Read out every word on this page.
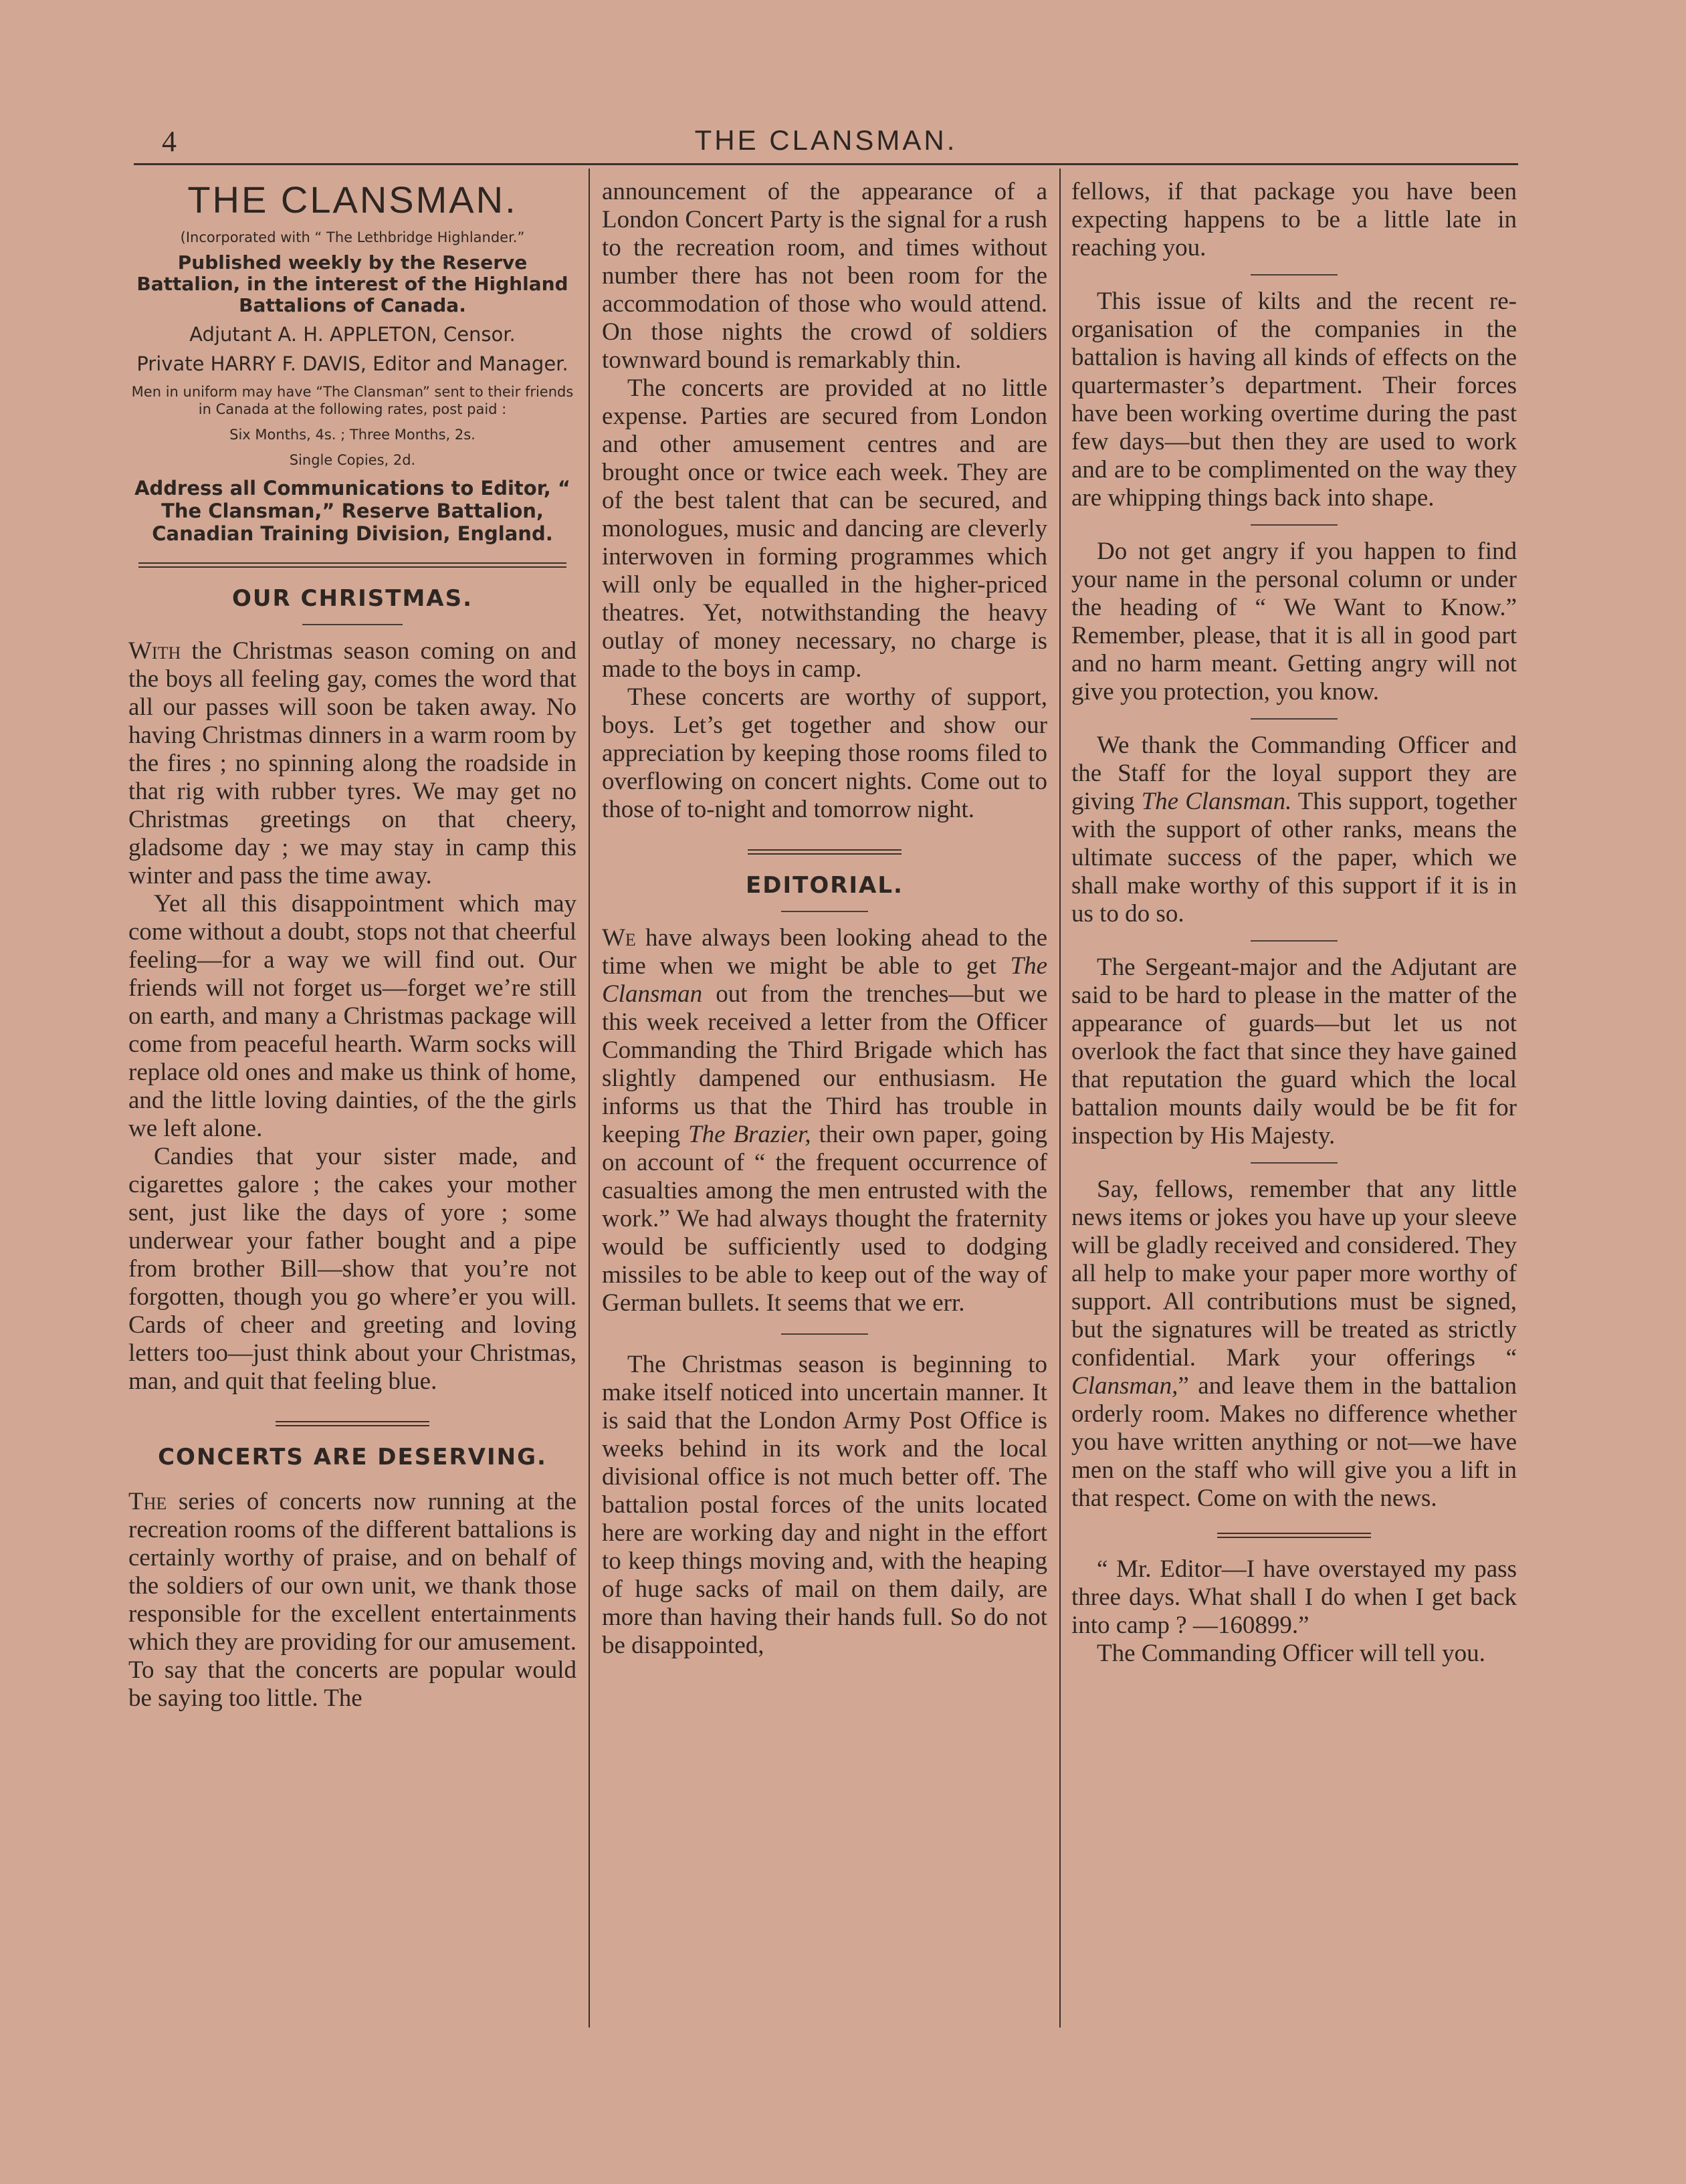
4	THE CLANSMAN.
THE CLANSMAN.
(Incorporated with “ The Lethbridge Highlander.”
Published weekly by the Reserve Battalion, in the interest of the Highland Battalions of Canada.
Adjutant A. H. APPLETON, Censor.
Private HARRY F. DAVIS, Editor and Manager.
Men in uniform may have “The Clansman” sent to their friends in Canada at the following rates, post paid :
Six Months, 4s. ; Three Months, 2s.
Single Copies, 2d.
Address all Communications to Editor, “ The Clansman,” Reserve Battalion, Canadian Training Division, England.
OUR CHRISTMAS.

With the Christmas season coming on and the boys all feeling gay, comes the word that all our passes will soon be taken away. No having Christmas dinners in a warm room by the fires ; no spinning along the roadside in that rig with rubber tyres. We may get no Christmas greetings on that cheery, gladsome day ; we may stay in camp this winter and pass the time away.

Yet all this disappointment which may come without a doubt, stops not that cheerful feeling—for a way we will find out. Our friends will not forget us—forget we’re still on earth, and many a Christmas package will come from peaceful hearth. Warm socks will replace old ones and make us think of home, and the little loving dainties, of the the girls we left alone.

Candies that your sister made, and cigarettes galore ; the cakes your mother sent, just like the days of yore ; some underwear your father bought and a pipe from brother Bill—show that you’re not forgotten, though you go where’er you will. Cards of cheer and greeting and loving letters too—just think about your Christmas, man, and quit that feeling blue.

CONCERTS ARE DESERVING.

The series of concerts now running at the recreation rooms of the different battalions is certainly worthy of praise, and on behalf of the soldiers of our own unit, we thank those responsible for the excellent entertainments which they are providing for our amusement. To say that the concerts are popular would be saying too little. The

announcement of the appearance of a London Concert Party is the signal for a rush to the recreation room, and times without number there has not been room for the accommodation of those who would attend. On those nights the crowd of soldiers townward bound is remarkably thin.

The concerts are provided at no little expense. Parties are secured from London and other amusement centres and are brought once or twice each week. They are of the best talent that can be secured, and monologues, music and dancing are cleverly interwoven in forming programmes which will only be equalled in the higher-priced theatres. Yet, notwithstanding the heavy outlay of money necessary, no charge is made to the boys in camp.

These concerts are worthy of support, boys. Let’s get together and show our appreciation by keeping those rooms filed to overflowing on concert nights. Come out to those of to-night and tomorrow night.

EDITORIAL.

We have always been looking ahead to the time when we might be able to get The Clansman out from the trenches—but we this week received a letter from the Officer Commanding the Third Brigade which has slightly dampened our enthusiasm. He informs us that the Third has trouble in keeping The Brazier, their own paper, going on account of “ the frequent occurrence of casualties among the men entrusted with the work.” We had always thought the fraternity would be sufficiently used to dodging missiles to be able to keep out of the way of German bullets. It seems that we err.

The Christmas season is beginning to make itself noticed into uncertain manner. It is said that the London Army Post Office is weeks behind in its work and the local divisional office is not much better off. The battalion postal forces of the units located here are working day and night in the effort to keep things moving and, with the heaping of huge sacks of mail on them daily, are more than having their hands full. So do not be disappointed,

fellows, if that package you have been expecting happens to be a little late in reaching you.

This issue of kilts and the recent re-organisation of the companies in the battalion is having all kinds of effects on the quartermaster’s department. Their forces have been working overtime during the past few days—but then they are used to work and are to be complimented on the way they are whipping things back into shape.

Do not get angry if you happen to find your name in the personal column or under the heading of “ We Want to Know.” Remember, please, that it is all in good part and no harm meant. Getting angry will not give you protection, you know.

We thank the Commanding Officer and the Staff for the loyal support they are giving The Clansman. This support, together with the support of other ranks, means the ultimate success of the paper, which we shall make worthy of this support if it is in us to do so.

The Sergeant-major and the Adjutant are said to be hard to please in the matter of the appearance of guards—but let us not overlook the fact that since they have gained that reputation the guard which the local battalion mounts daily would be be fit for inspection by His Majesty.

Say, fellows, remember that any little news items or jokes you have up your sleeve will be gladly received and considered. They all help to make your paper more worthy of support. All contributions must be signed, but the signatures will be treated as strictly confidential. Mark your offerings “ Clansman,” and leave them in the battalion orderly room. Makes no difference whether you have written anything or not—we have men on the staff who will give you a lift in that respect. Come on with the news.

“ Mr. Editor—I have overstayed my pass three days. What shall I do when I get back into camp ? —160899.”

The Commanding Officer will tell you.
